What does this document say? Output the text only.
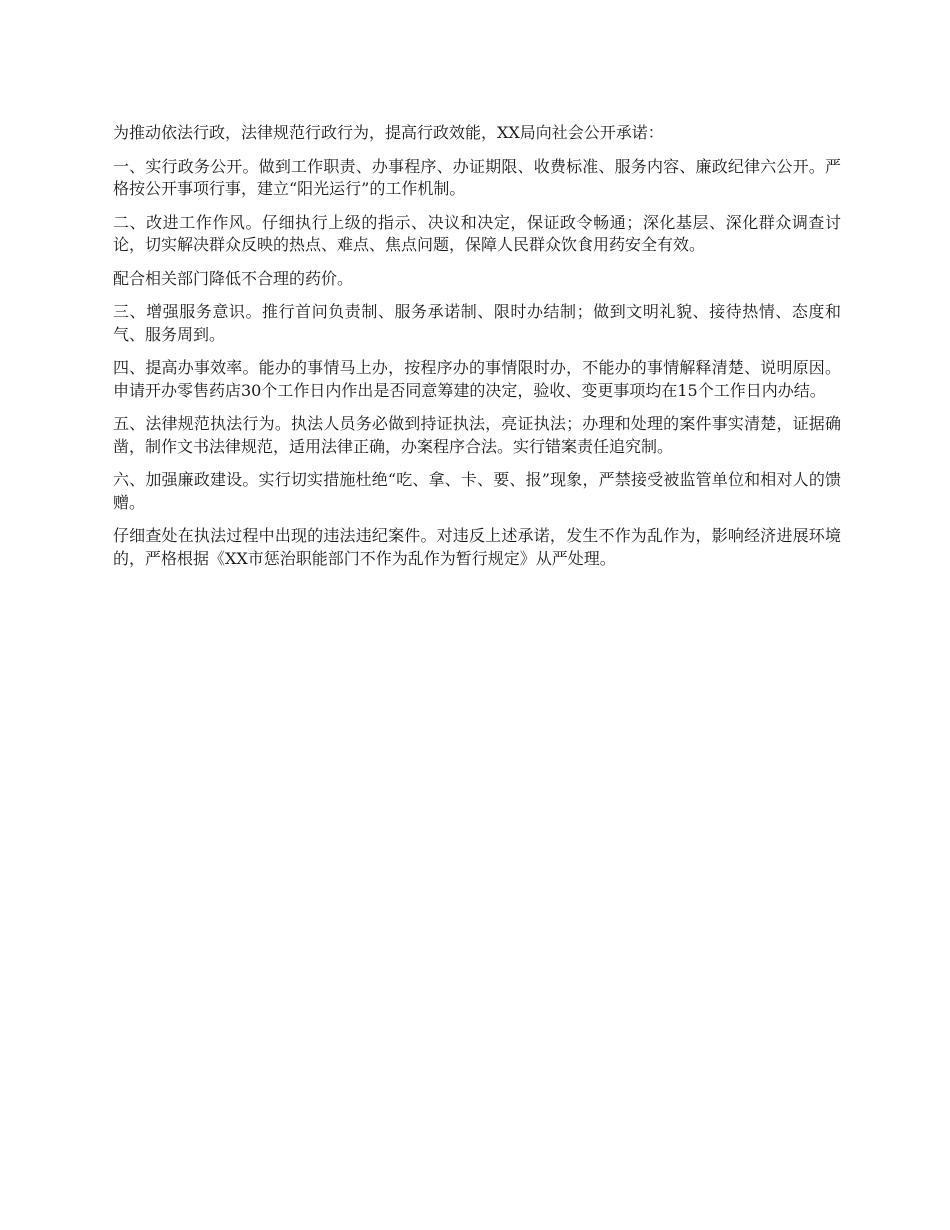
为推动依法行政，法律规范行政行为，提高行政效能，XX局向社会公开承诺：

一、实行政务公开。做到工作职责、办事程序、办证期限、收费标准、服务内容、廉政纪律六公开。严格按公开事项行事，建立“阳光运行”的工作机制。

二、改进工作作风。仔细执行上级的指示、决议和决定，保证政令畅通；深化基层、深化群众调查讨论，切实解决群众反映的热点、难点、焦点问题，保障人民群众饮食用药安全有效。

配合相关部门降低不合理的药价。

三、增强服务意识。推行首问负责制、服务承诺制、限时办结制；做到文明礼貌、接待热情、态度和气、服务周到。

四、提高办事效率。能办的事情马上办，按程序办的事情限时办，不能办的事情解释清楚、说明原因。申请开办零售药店30个工作日内作出是否同意筹建的决定，验收、变更事项均在15个工作日内办结。

五、法律规范执法行为。执法人员务必做到持证执法，亮证执法；办理和处理的案件事实清楚，证据确凿，制作文书法律规范，适用法律正确，办案程序合法。实行错案责任追究制。

六、加强廉政建设。实行切实措施杜绝“吃、拿、卡、要、报”现象，严禁接受被监管单位和相对人的馈赠。

仔细查处在执法过程中出现的违法违纪案件。对违反上述承诺，发生不作为乱作为，影响经济进展环境的，严格根据《XX市惩治职能部门不作为乱作为暂行规定》从严处理。
